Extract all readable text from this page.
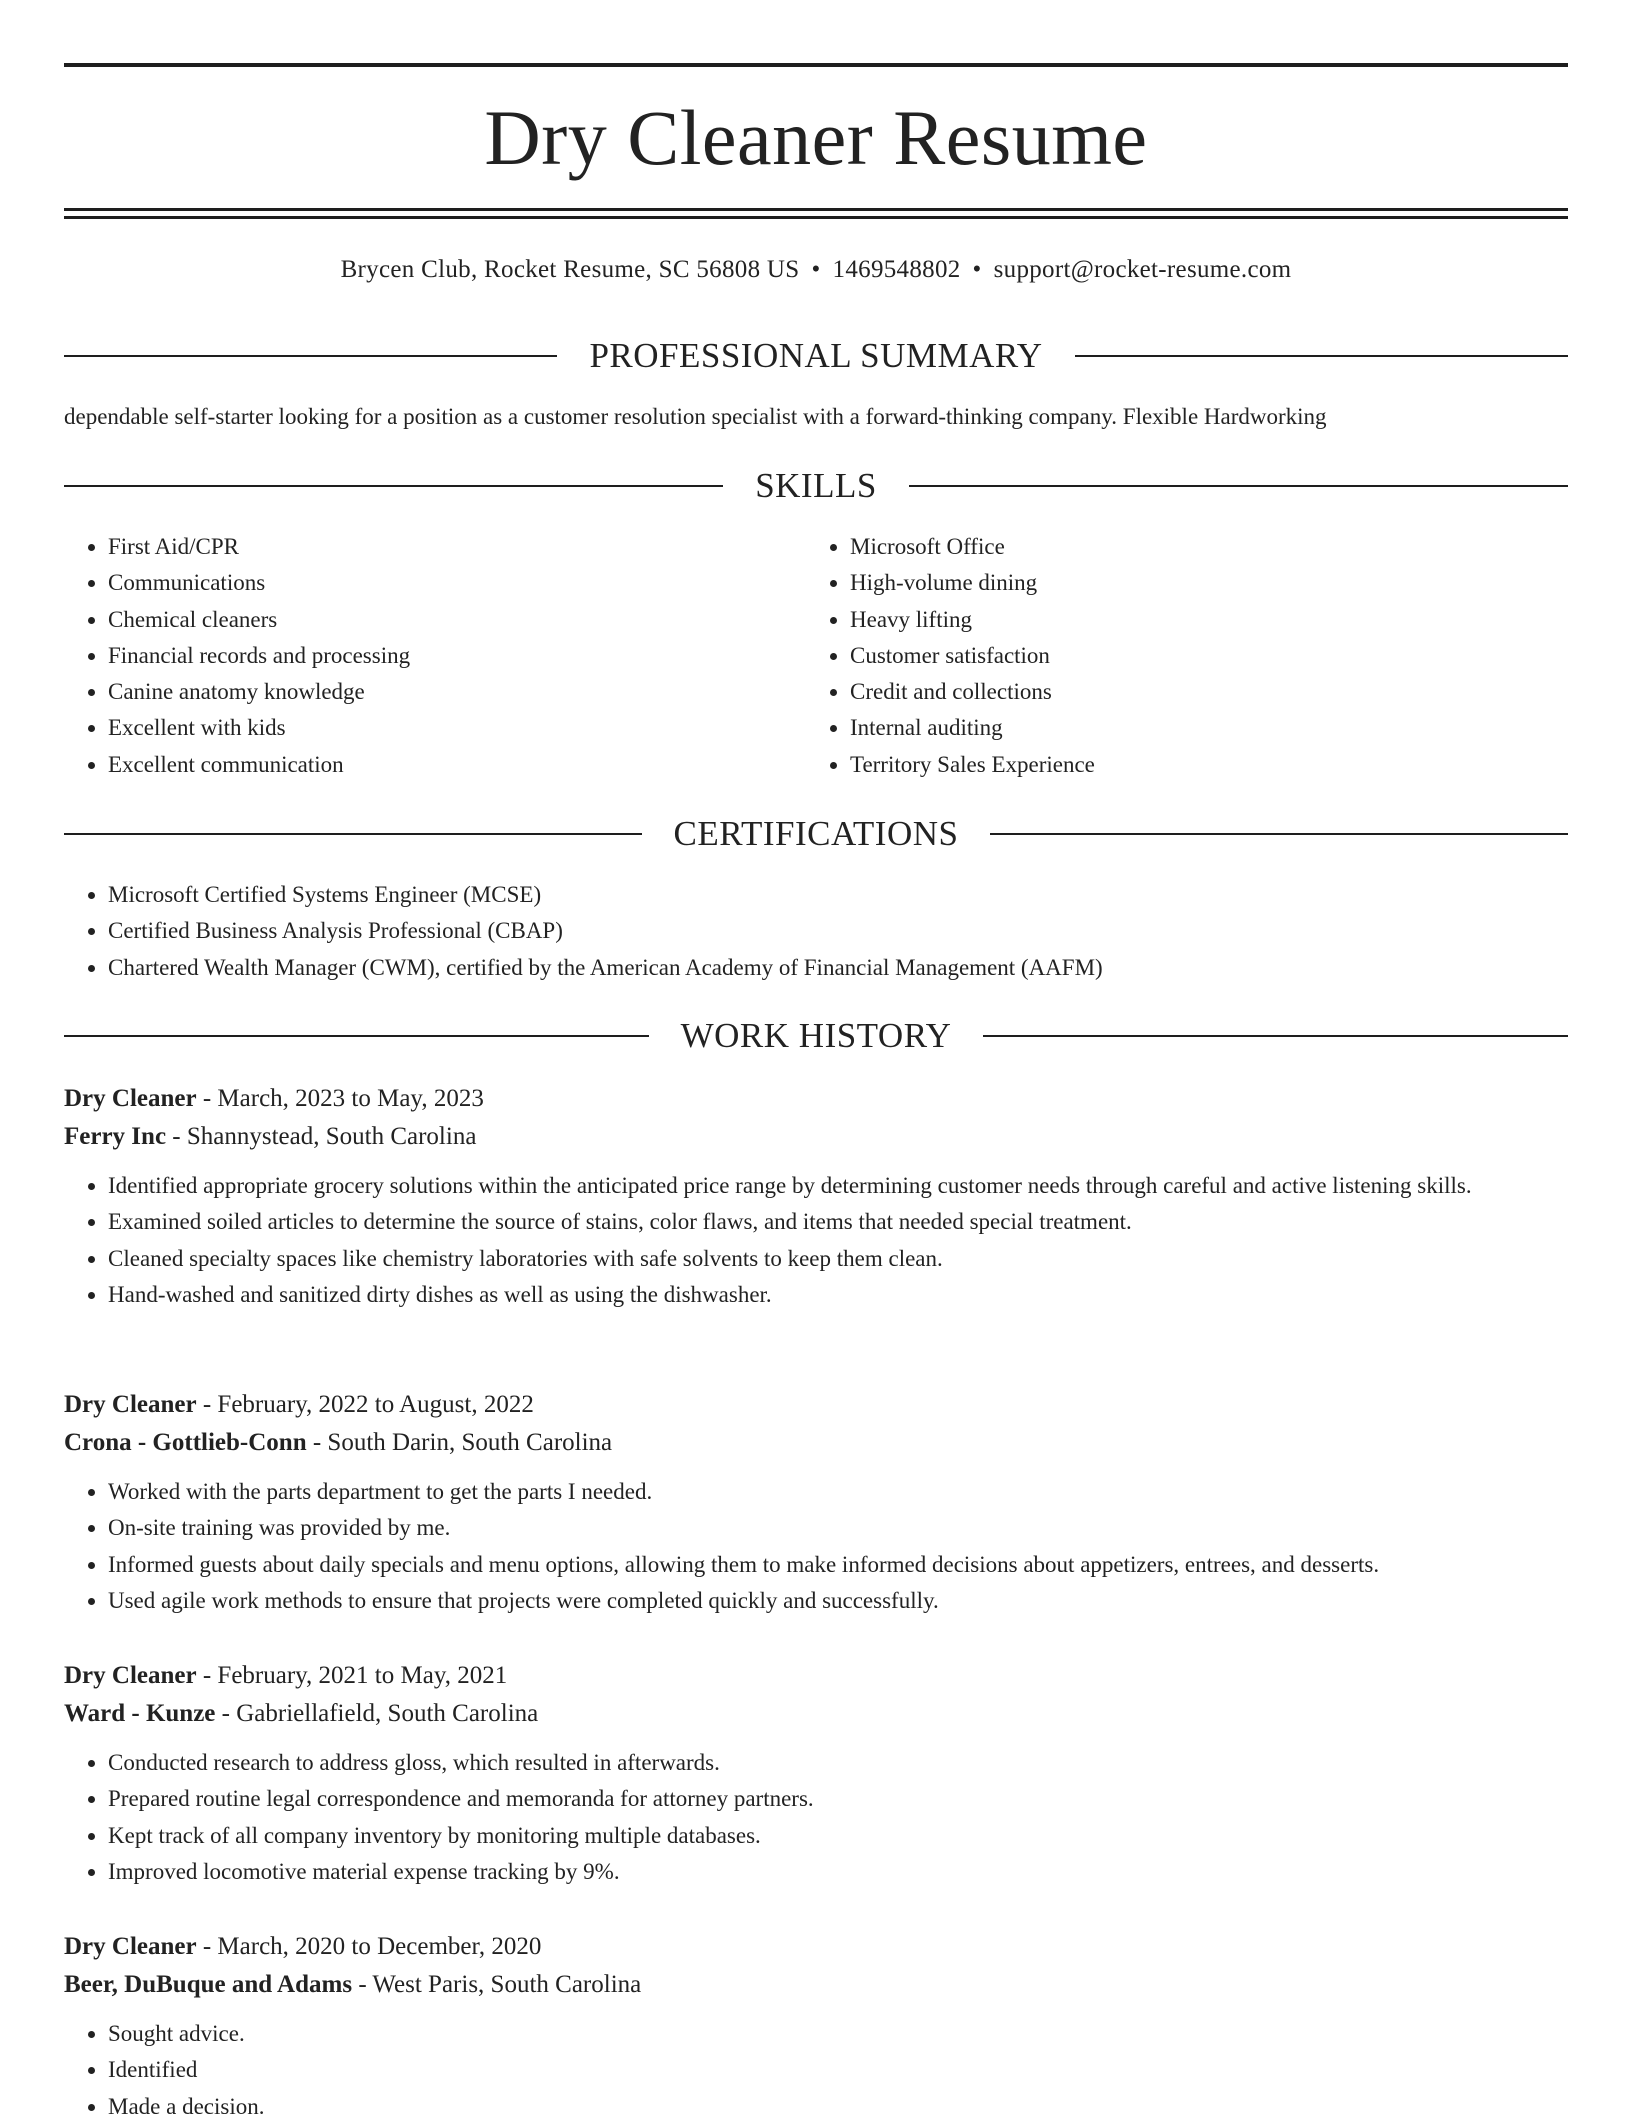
Dry Cleaner Resume
Brycen Club, Rocket Resume, SC 56808 US • 1469548802 • support@rocket-resume.com
PROFESSIONAL SUMMARY
dependable self-starter looking for a position as a customer resolution specialist with a forward-thinking company. Flexible Hardworking
SKILLS
• First Aid/CPR
• Communications
• Chemical cleaners
• Financial records and processing
• Canine anatomy knowledge
• Excellent with kids
• Excellent communication
• Microsoft Office
• High-volume dining
• Heavy lifting
• Customer satisfaction
• Credit and collections
• Internal auditing
• Territory Sales Experience
CERTIFICATIONS
• Microsoft Certified Systems Engineer (MCSE)
• Certified Business Analysis Professional (CBAP)
• Chartered Wealth Manager (CWM), certified by the American Academy of Financial Management (AAFM)
WORK HISTORY
Dry Cleaner - March, 2023 to May, 2023
Ferry Inc - Shannystead, South Carolina
• Identified appropriate grocery solutions within the anticipated price range by determining customer needs through careful and active listening skills.
• Examined soiled articles to determine the source of stains, color flaws, and items that needed special treatment.
• Cleaned specialty spaces like chemistry laboratories with safe solvents to keep them clean.
• Hand-washed and sanitized dirty dishes as well as using the dishwasher.
Dry Cleaner - February, 2022 to August, 2022
Crona - Gottlieb-Conn - South Darin, South Carolina
• Worked with the parts department to get the parts I needed.
• On-site training was provided by me.
• Informed guests about daily specials and menu options, allowing them to make informed decisions about appetizers, entrees, and desserts.
• Used agile work methods to ensure that projects were completed quickly and successfully.
Dry Cleaner - February, 2021 to May, 2021
Ward - Kunze - Gabriellafield, South Carolina
• Conducted research to address gloss, which resulted in afterwards.
• Prepared routine legal correspondence and memoranda for attorney partners.
• Kept track of all company inventory by monitoring multiple databases.
• Improved locomotive material expense tracking by 9%.
Dry Cleaner - March, 2020 to December, 2020
Beer, DuBuque and Adams - West Paris, South Carolina
• Sought advice.
• Identified
• Made a decision.
